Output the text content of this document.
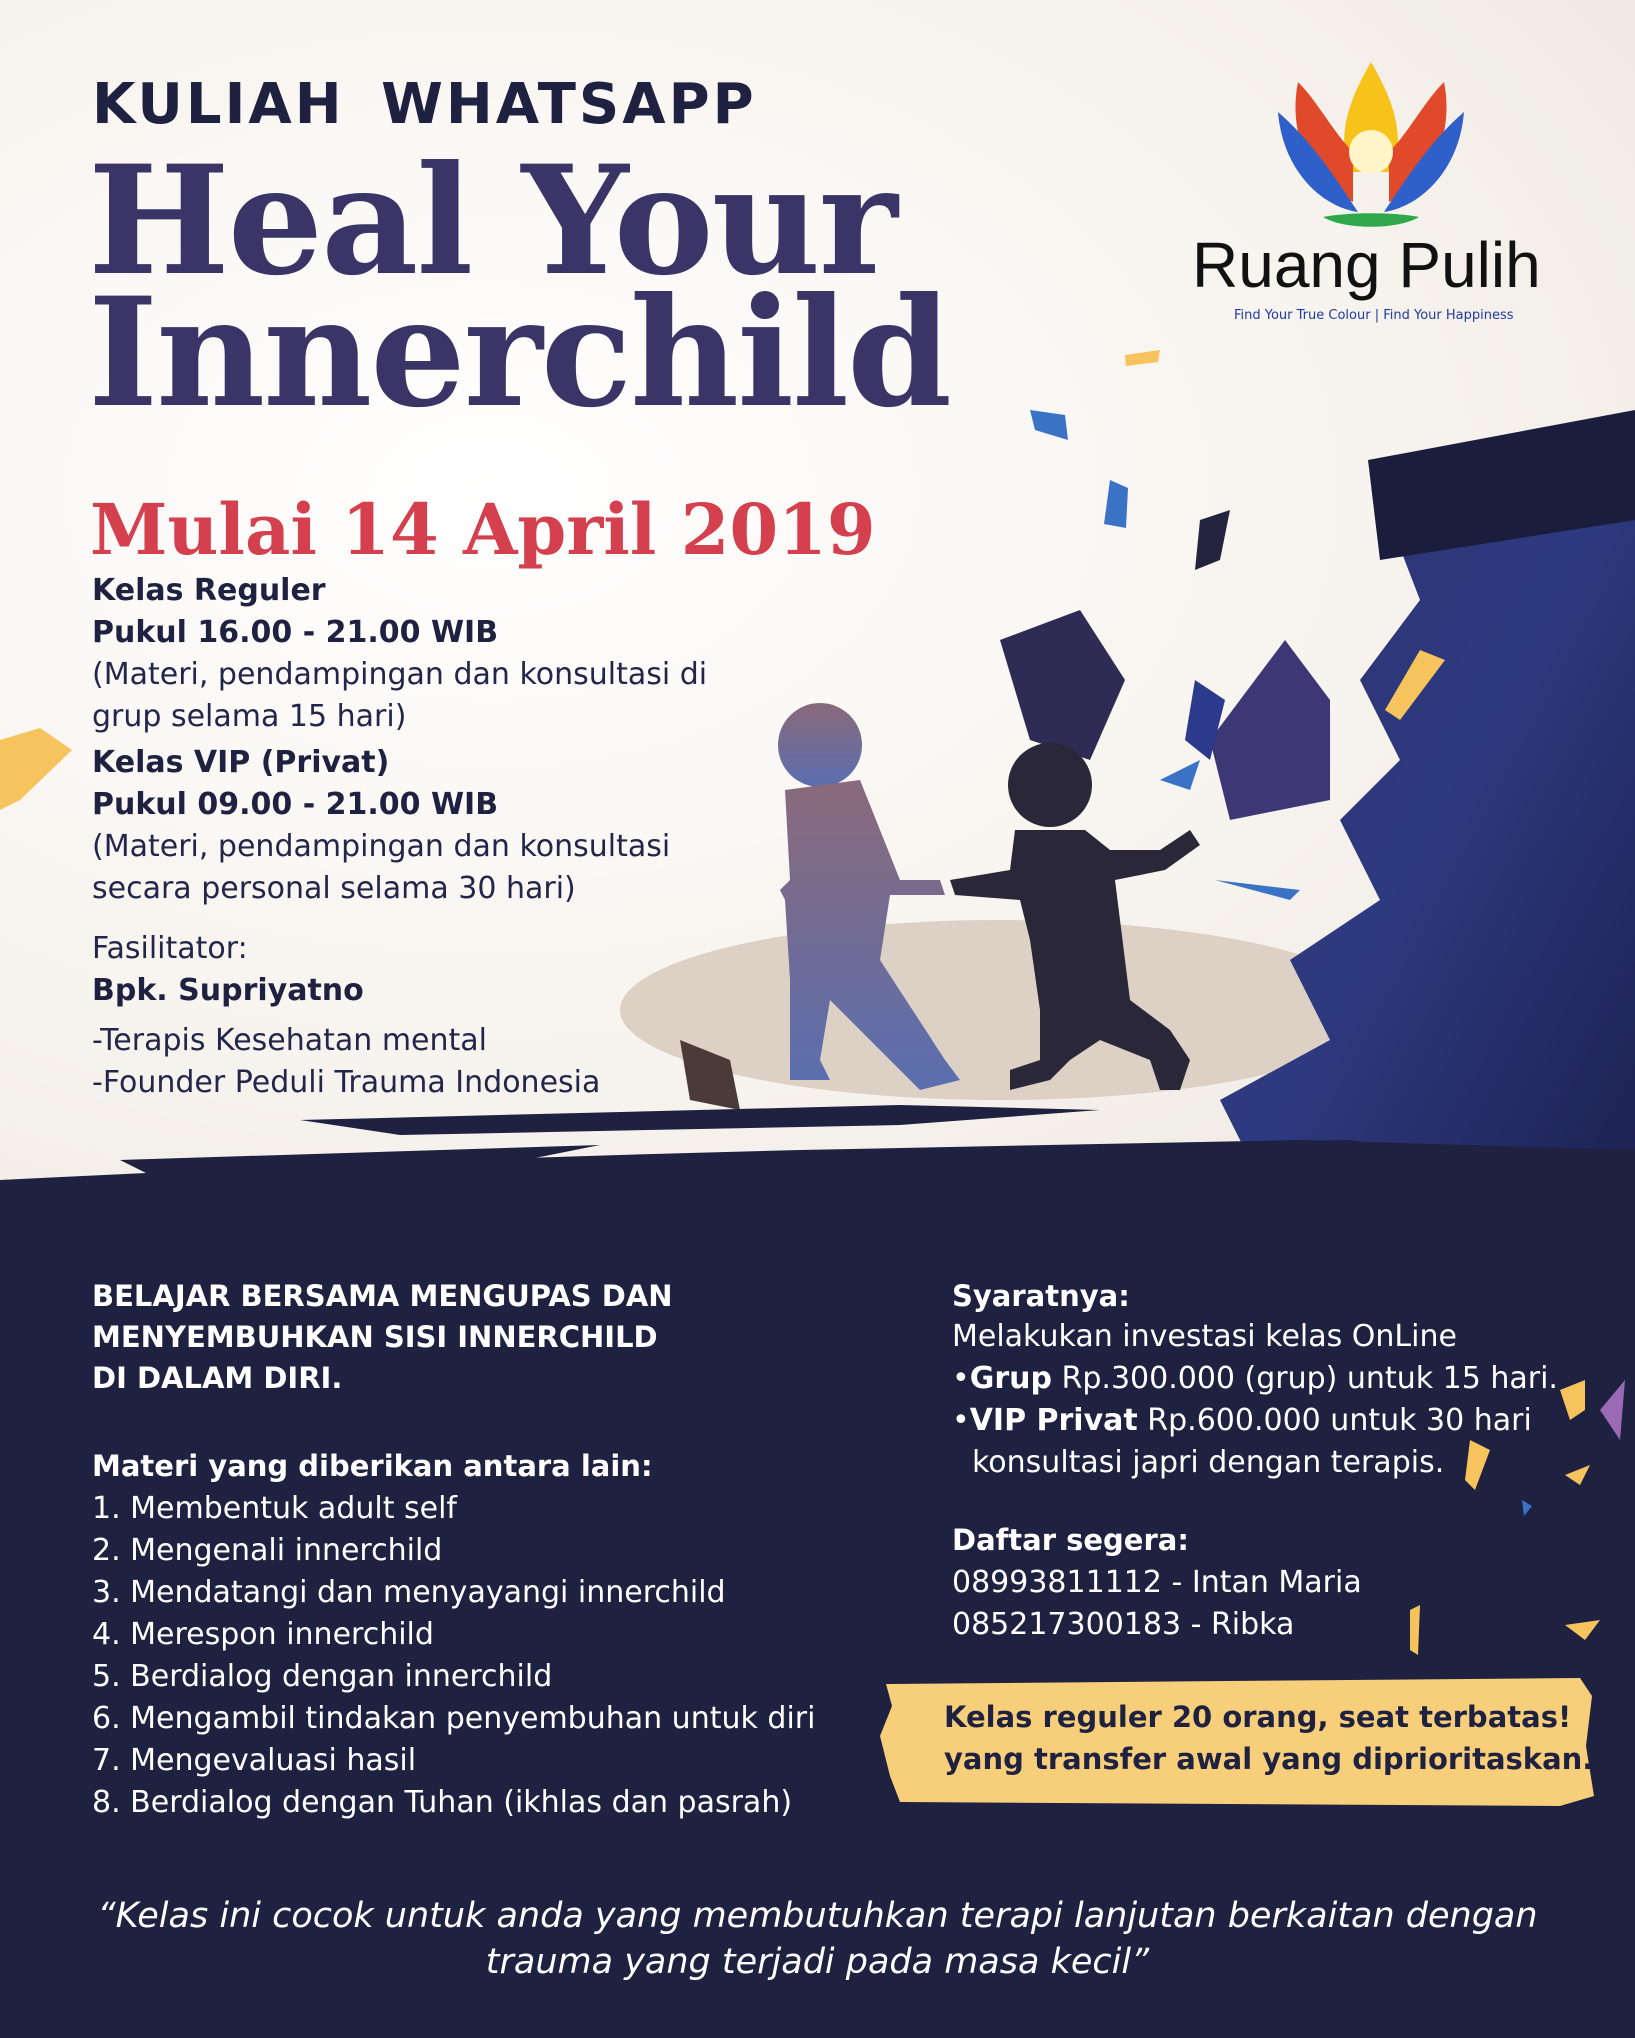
KULIAH WHATSAPP
Heal Your
Innerchild	Ruang Pulih
Find Your True Colour | Find Your Happiness
Mulai 14 April 2019
Kelas Reguler
Pukul 16.00 - 21.00 WIB
(Materi, pendampingan dan konsultasi di
grup selama 15 hari)
Kelas VIP (Privat)
Pukul 09.00 - 21.00 WIB
(Materi, pendampingan dan konsultasi
secara personal selama 30 hari)
Fasilitator:
Bpk. Supriyatno
-Terapis Kesehatan mental
-Founder Peduli Trauma Indonesia
BELAJAR BERSAMA MENGUPAS DAN
MENYEMBUHKAN SISI INNERCHILD
DI DALAM DIRI.
Materi yang diberikan antara lain:
1. Membentuk adult self
2. Mengenali innerchild
3. Mendatangi dan menyayangi innerchild
4. Merespon innerchild
5. Berdialog dengan innerchild
6. Mengambil tindakan penyembuhan untuk diri
7. Mengevaluasi hasil
8. Berdialog dengan Tuhan (ikhlas dan pasrah)
Syaratnya:
Melakukan investasi kelas OnLine
•Grup Rp.300.000 (grup) untuk 15 hari.
•VIP Privat Rp.600.000 untuk 30 hari
konsultasi japri dengan terapis.
Daftar segera:
08993811112 - Intan Maria
085217300183 - Ribka
Kelas reguler 20 orang, seat terbatas!
yang transfer awal yang diprioritaskan.
“Kelas ini cocok untuk anda yang membutuhkan terapi lanjutan berkaitan dengan
trauma yang terjadi pada masa kecil”
